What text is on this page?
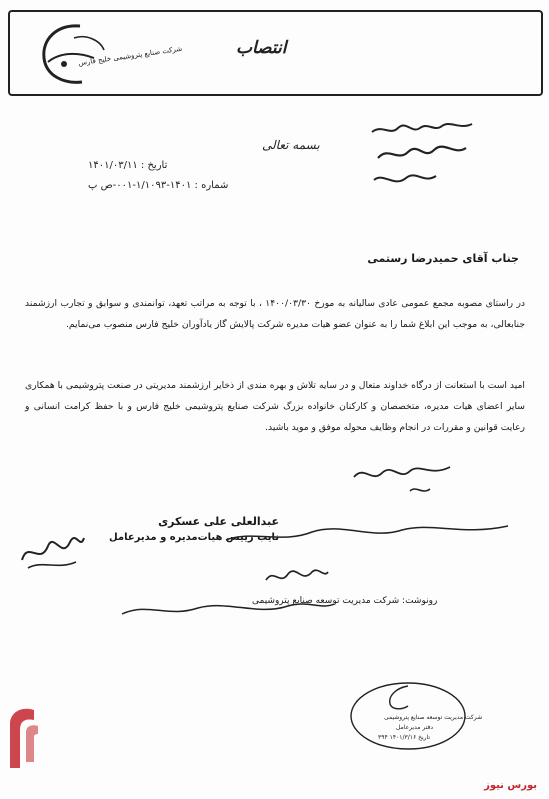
شرکت صنایع پتروشیمی خلیج فارس	انتصاب
بسمه تعالی
تاریخ : ۱۴۰۱/۰۳/۱۱
شماره : ۱۴۰۱-۱/۱۰۹۳-۰۰۱-ص پ
جناب آقای حمیدرضا رستمی
در راستای مصوبه مجمع عمومی عادی سالیانه به مورخ ۱۴۰۰/۰۳/۳۰ ، با توجه به مراتب تعهد، توانمندی و سوابق و تجارب ارزشمند جنابعالی، به موجب این ابلاغ شما را به عنوان عضو هیات مدیره شرکت پالایش گاز یادآوران خلیج فارس منصوب می‌نمایم.
امید است با استعانت از درگاه خداوند متعال و در سایه تلاش و بهره مندی از ذخایر ارزشمند مدیریتی در صنعت پتروشیمی با همکاری سایر اعضای هیات مدیره، متخصصان و کارکنان خانواده بزرگ شرکت صنایع پتروشیمی خلیج فارس و با حفظ کرامت انسانی و رعایت قوانین و مقررات در انجام وظایف محوله موفق و موید باشید.
عبدالعلی علی عسکری
نایب رییس هیات‌مدیره و مدیرعامل
رونوشت: شرکت مدیریت توسعه صنایع پتروشیمی
شرکت مدیریت توسعه صنایع پتروشیمی
دفتر مدیرعامل
تاریخ ۱۴۰۱/۳/۱۶ ۳۹۴
بورس نیوز
